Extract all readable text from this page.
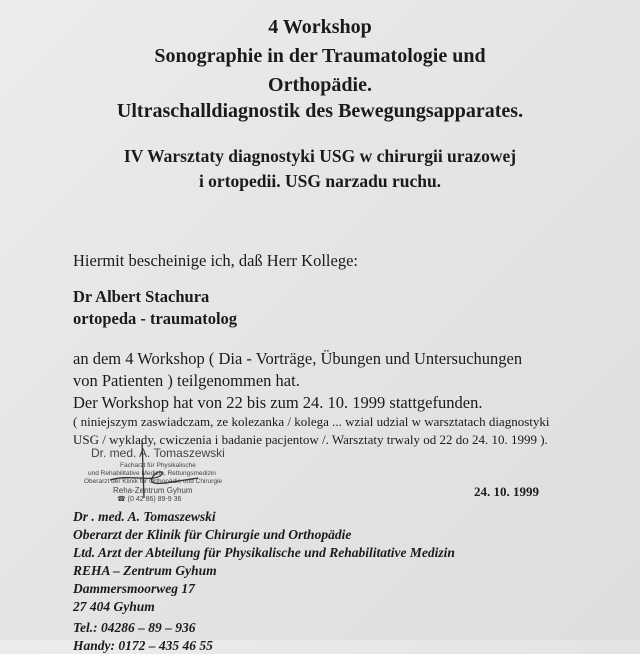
4 Workshop
Sonographie in der Traumatologie und
Orthopädie.
Ultraschalldiagnostik des Bewegungsapparates.
IV Warsztaty diagnostyki USG w chirurgii urazowej
i ortopedii. USG narzadu ruchu.
Hiermit bescheinige ich, daß Herr Kollege:
Dr Albert Stachura
ortopeda - traumatolog
an dem 4 Workshop ( Dia - Vorträge, Übungen und Untersuchungen
von Patienten ) teilgenommen hat.
Der Workshop hat von 22 bis zum 24. 10. 1999 stattgefunden.
( niniejszym zaswiadczam, ze kolezanka / kolega ... wzial udzial w warsztatach diagnostyki
USG / wyklady, cwiczenia i badanie pacjentow /. Warsztaty trwaly od 22 do 24. 10. 1999 ).
Dr. med. A. Tomaszewski
Facharzt für Physikalische
und Rehabilitative Medizin, Rettungsmedizin
Oberarzt der Klinik für Orthopädie und Chirurgie
Reha-Zentrum Gyhum
☎ (0 42 86) 89-9 36
24. 10. 1999
Dr . med. A. Tomaszewski
Oberarzt der Klinik für Chirurgie und Orthopädie
Ltd. Arzt der Abteilung für Physikalische und Rehabilitative Medizin
REHA – Zentrum Gyhum
Dammersmoorweg 17
27 404 Gyhum
Tel.: 04286 – 89 – 936
Handy: 0172 – 435 46 55
